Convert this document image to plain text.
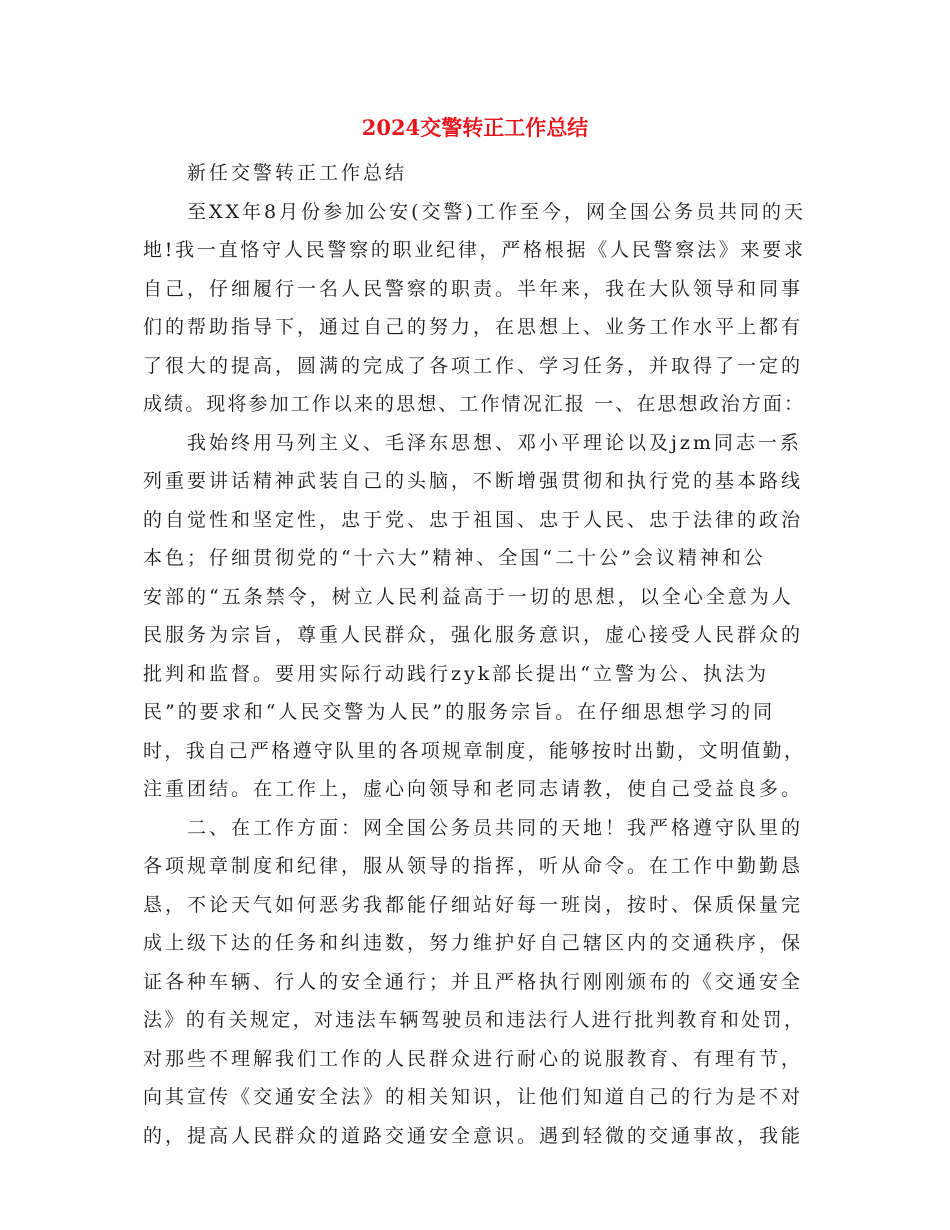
2024交警转正工作总结
新任交警转正工作总结
至XX年8月份参加公安(交警)工作至今，网全国公务员共同的天
地!我一直恪守人民警察的职业纪律，严格根据《人民警察法》来要求
自己，仔细履行一名人民警察的职责。半年来，我在大队领导和同事
们的帮助指导下，通过自己的努力，在思想上、业务工作水平上都有
了很大的提高，圆满的完成了各项工作、学习任务，并取得了一定的
成绩。现将参加工作以来的思想、工作情况汇报 一、在思想政治方面：
我始终用马列主义、毛泽东思想、邓小平理论以及jzm同志一系
列重要讲话精神武装自己的头脑，不断增强贯彻和执行党的基本路线
的自觉性和坚定性，忠于党、忠于祖国、忠于人民、忠于法律的政治
本色；仔细贯彻党的“十六大”精神、全国“二十公”会议精神和公
安部的“五条禁令，树立人民利益高于一切的思想，以全心全意为人
民服务为宗旨，尊重人民群众，强化服务意识，虚心接受人民群众的
批判和监督。要用实际行动践行zyk部长提出“立警为公、执法为
民”的要求和“人民交警为人民”的服务宗旨。在仔细思想学习的同
时，我自己严格遵守队里的各项规章制度，能够按时出勤，文明值勤，
注重团结。在工作上，虚心向领导和老同志请教，使自己受益良多。
二、在工作方面：网全国公务员共同的天地！我严格遵守队里的
各项规章制度和纪律，服从领导的指挥，听从命令。在工作中勤勤恳
恳，不论天气如何恶劣我都能仔细站好每一班岗，按时、保质保量完
成上级下达的任务和纠违数，努力维护好自己辖区内的交通秩序，保
证各种车辆、行人的安全通行；并且严格执行刚刚颁布的《交通安全
法》的有关规定，对违法车辆驾驶员和违法行人进行批判教育和处罚，
对那些不理解我们工作的人民群众进行耐心的说服教育、有理有节，
向其宣传《交通安全法》的相关知识，让他们知道自己的行为是不对
的，提高人民群众的道路交通安全意识。遇到轻微的交通事故，我能
